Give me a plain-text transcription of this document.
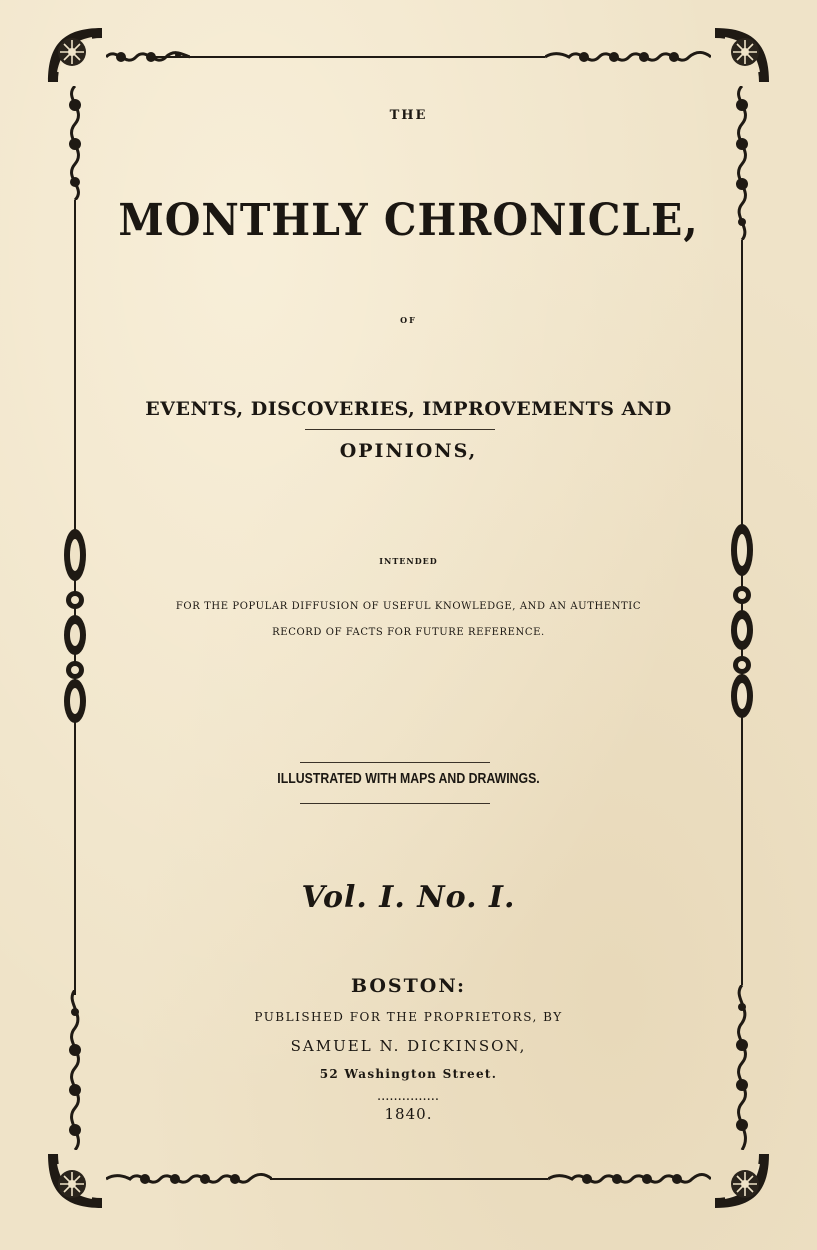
THE
MONTHLY CHRONICLE,
OF
EVENTS, DISCOVERIES, IMPROVEMENTS AND
OPINIONS,
INTENDED
FOR THE POPULAR DIFFUSION OF USEFUL KNOWLEDGE, AND AN AUTHENTIC
RECORD OF FACTS FOR FUTURE REFERENCE.
ILLUSTRATED WITH MAPS AND DRAWINGS.
Vol. I. No. I.
BOSTON:
PUBLISHED FOR THE PROPRIETORS, BY
SAMUEL N. DICKINSON,
52 Washington Street.
...............
1840.
